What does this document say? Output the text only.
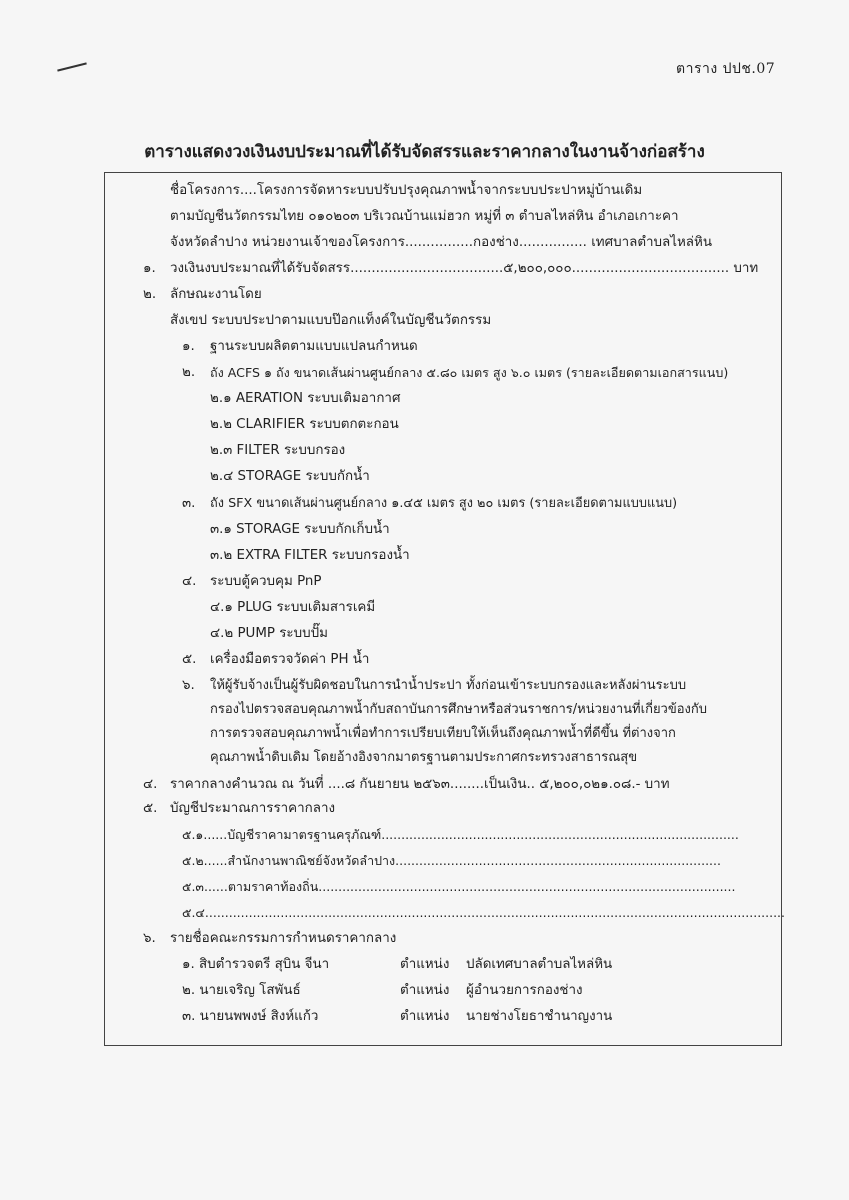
ตาราง ปปช.07
ตารางแสดงวงเงินงบประมาณที่ได้รับจัดสรรและราคากลางในงานจ้างก่อสร้าง
ชื่อโครงการ....โครงการจัดหาระบบปรับปรุงคุณภาพน้ำจากระบบประปาหมู่บ้านเดิม
ตามบัญชีนวัตกรรมไทย ๐๑๐๒๐๓ บริเวณบ้านแม่ฮวก หมู่ที่ ๓ ตำบลไหล่หิน อำเภอเกาะคา
จังหวัดลำปาง หน่วยงานเจ้าของโครงการ................กองช่าง................ เทศบาลตำบลไหล่หิน
๑. วงเงินงบประมาณที่ได้รับจัดสรร....................................๕,๒๐๐,๐๐๐..................................... บาท
๒. ลักษณะงานโดย
สังเขป ระบบประปาตามแบบป๊อกแท็งค์ในบัญชีนวัตกรรม
๑. ฐานระบบผลิตตามแบบแปลนกำหนด
๒. ถัง ACFS ๑ ถัง ขนาดเส้นผ่านศูนย์กลาง ๕.๘๐ เมตร สูง ๖.๐ เมตร (รายละเอียดตามเอกสารแนบ)
๒.๑ AERATION ระบบเติมอากาศ
๒.๒ CLARIFIER ระบบตกตะกอน
๒.๓ FILTER ระบบกรอง
๒.๔ STORAGE ระบบกักน้ำ
๓. ถัง SFX ขนาดเส้นผ่านศูนย์กลาง ๑.๔๕ เมตร สูง ๒๐ เมตร (รายละเอียดตามแบบแนบ)
๓.๑ STORAGE ระบบกักเก็บน้ำ
๓.๒ EXTRA FILTER ระบบกรองน้ำ
๔. ระบบตู้ควบคุม PnP
๔.๑ PLUG ระบบเติมสารเคมี
๔.๒ PUMP ระบบปั๊ม
๕. เครื่องมือตรวจวัดค่า PH น้ำ
๖. ให้ผู้รับจ้างเป็นผู้รับผิดชอบในการนำน้ำประปา ทั้งก่อนเข้าระบบกรองและหลังผ่านระบบ
กรองไปตรวจสอบคุณภาพน้ำกับสถาบันการศึกษาหรือส่วนราชการ/หน่วยงานที่เกี่ยวข้องกับ
การตรวจสอบคุณภาพน้ำเพื่อทำการเปรียบเทียบให้เห็นถึงคุณภาพน้ำที่ดีขึ้น ที่ต่างจาก
คุณภาพน้ำดิบเดิม โดยอ้างอิงจากมาตรฐานตามประกาศกระทรวงสาธารณสุข
๔. ราคากลางคำนวณ ณ วันที่ ....๘ กันยายน ๒๕๖๓........เป็นเงิน.. ๕,๒๐๐,๐๒๑.๐๘.- บาท
๕. บัญชีประมาณการราคากลาง
๕.๑......บัญชีราคามาตรฐานครุภัณฑ์..........................................................................................
๕.๒......สำนักงานพาณิชย์จังหวัดลำปาง..................................................................................
๕.๓......ตามราคาท้องถิ่น.........................................................................................................
๕.๔..................................................................................................................................................
๖. รายชื่อคณะกรรมการกำหนดราคากลาง
๑. สิบตำรวจตรี สุบิน จีนา	ตำแหน่ง ปลัดเทศบาลตำบลไหล่หิน
๒. นายเจริญ โสพันธ์	ตำแหน่ง ผู้อำนวยการกองช่าง
๓. นายนพพงษ์ สิงห์แก้ว	ตำแหน่ง นายช่างโยธาชำนาญงาน
